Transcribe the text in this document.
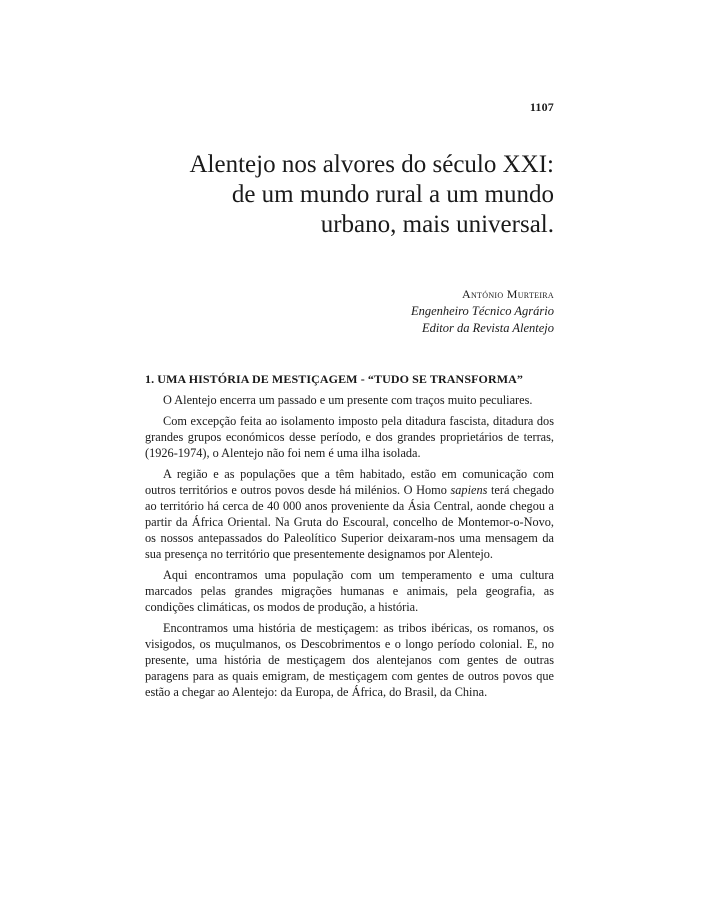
1107
Alentejo nos alvores do século XXI:
de um mundo rural a um mundo
urbano, mais universal.
António Murteira
Engenheiro Técnico Agrário
Editor da Revista Alentejo
1. UMA HISTÓRIA DE MESTIÇAGEM - “TUDO SE TRANSFORMA”

O Alentejo encerra um passado e um presente com traços muito peculiares.

Com excepção feita ao isolamento imposto pela ditadura fascista, ditadura dos grandes grupos económicos desse período, e dos grandes proprietários de terras, (1926-1974), o Alentejo não foi nem é uma ilha isolada.

A região e as populações que a têm habitado, estão em comunicação com outros territórios e outros povos desde há milénios. O Homo sapiens terá chegado ao território há cerca de 40 000 anos proveniente da Ásia Central, aonde chegou a partir da África Oriental. Na Gruta do Escoural, concelho de Montemor-o-Novo, os nossos antepassados do Paleolítico Superior deixaram-nos uma mensagem da sua presença no território que presentemente designamos por Alentejo.

Aqui encontramos uma população com um temperamento e uma cultura marcados pelas grandes migrações humanas e animais, pela geografia, as condições climáticas, os modos de produção, a história.

Encontramos uma história de mestiçagem: as tribos ibéricas, os romanos, os visigodos, os muçulmanos, os Descobrimentos e o longo período colonial. E, no presente, uma história de mestiçagem dos alentejanos com gentes de outras paragens para as quais emigram, de mestiçagem com gentes de outros povos que estão a chegar ao Alentejo: da Europa, de África, do Brasil, da China.
